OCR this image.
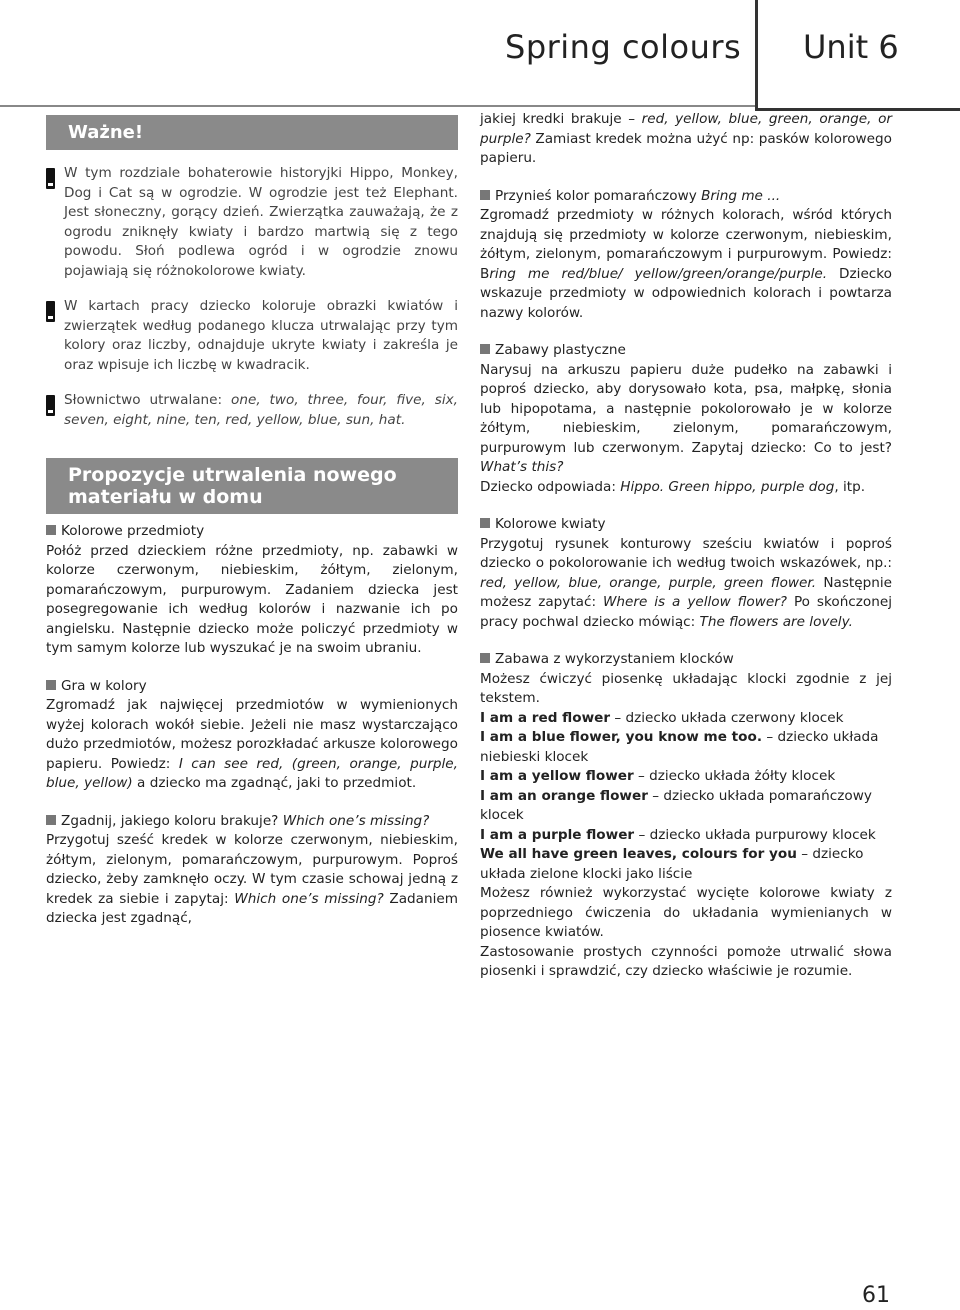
Spring colours Unit 6
Ważne!

W tym rozdziale bohaterowie historyjki Hippo, Monkey, Dog i Cat są w ogrodzie. W ogrodzie jest też Elephant. Jest słoneczny, gorący dzień. Zwierzątka zauważają, że z ogrodu zniknęły kwiaty i bardzo martwią się z tego powodu. Słoń podlewa ogród i w ogrodzie znowu pojawiają się różnokolorowe kwiaty.

W kartach pracy dziecko koloruje obrazki kwiatów i zwierzątek według podanego klucza utrwalając przy tym kolory oraz liczby, odnajduje ukryte kwiaty i zakreśla je oraz wpisuje ich liczbę w kwadracik.

Słownictwo utrwalane: one, two, three, four, five, six, seven, eight, nine, ten, red, yellow, blue, sun, hat.

Propozycje utrwalenia nowego materiału w domu
Kolorowe przedmioty

Połóż przed dzieckiem różne przedmioty, np. zabawki w kolorze czerwonym, niebieskim, żółtym, zielonym, pomarańczowym, purpurowym. Zadaniem dziecka jest posegregowanie ich według kolorów i nazwanie ich po angielsku. Następnie dziecko może policzyć przedmioty w tym samym kolorze lub wyszukać je na swoim ubraniu.

Gra w kolory

Zgromadź jak najwięcej przedmiotów w wymienionych wyżej kolorach wokół siebie. Jeżeli nie masz wystarczająco dużo przedmiotów, możesz porozkładać arkusze kolorowego papieru. Powiedz: I can see red, (green, orange, purple, blue, yellow) a dziecko ma zgadnąć, jaki to przedmiot.

Zgadnij, jakiego koloru brakuje? Which one’s missing?

Przygotuj sześć kredek w kolorze czerwonym, niebieskim, żółtym, zielonym, pomarańczowym, purpurowym. Poproś dziecko, żeby zamknęło oczy. W tym czasie schowaj jedną z kredek za siebie i zapytaj: Which one’s missing? Zadaniem dziecka jest zgadnąć,

jakiej kredki brakuje – red, yellow, blue, green, orange, or purple? Zamiast kredek można użyć np: pasków kolorowego papieru.

Przynieś kolor pomarańczowy Bring me ...

Zgromadź przedmioty w różnych kolorach, wśród których znajdują się przedmioty w kolorze czerwonym, niebieskim, żółtym, zielonym, pomarańczowym i purpurowym. Powiedz: Bring me red/blue/ yellow/green/orange/purple. Dziecko wskazuje przedmioty w odpowiednich kolorach i powtarza nazwy kolorów.

Zabawy plastyczne

Narysuj na arkuszu papieru duże pudełko na zabawki i poproś dziecko, aby dorysowało kota, psa, małpkę, słonia lub hipopotama, a następnie pokolorowało je w kolorze żółtym, niebieskim, zielonym, pomarańczowym, purpurowym lub czerwonym. Zapytaj dziecko: Co to jest? What’s this?

Dziecko odpowiada: Hippo. Green hippo, purple dog, itp.

Kolorowe kwiaty

Przygotuj rysunek konturowy sześciu kwiatów i poproś dziecko o pokolorowanie ich według twoich wskazówek, np.: red, yellow, blue, orange, purple, green flower. Następnie możesz zapytać: Where is a yellow flower? Po skończonej pracy pochwal dziecko mówiąc: The flowers are lovely.

Zabawa z wykorzystaniem klocków

Możesz ćwiczyć piosenkę układając klocki zgodnie z jej tekstem.

I am a red flower – dziecko układa czerwony klocek

I am a blue flower, you know me too. – dziecko układa niebieski klocek

I am a yellow flower – dziecko układa żółty klocek

I am an orange flower – dziecko układa pomarańczowy klocek

I am a purple flower – dziecko układa purpurowy klocek

We all have green leaves, colours for you – dziecko układa zielone klocki jako liście

Możesz również wykorzystać wycięte kolorowe kwiaty z poprzedniego ćwiczenia do układania wymienianych w piosence kwiatów.

Zastosowanie prostych czynności pomoże utrwalić słowa piosenki i sprawdzić, czy dziecko właściwie je rozumie.

61
